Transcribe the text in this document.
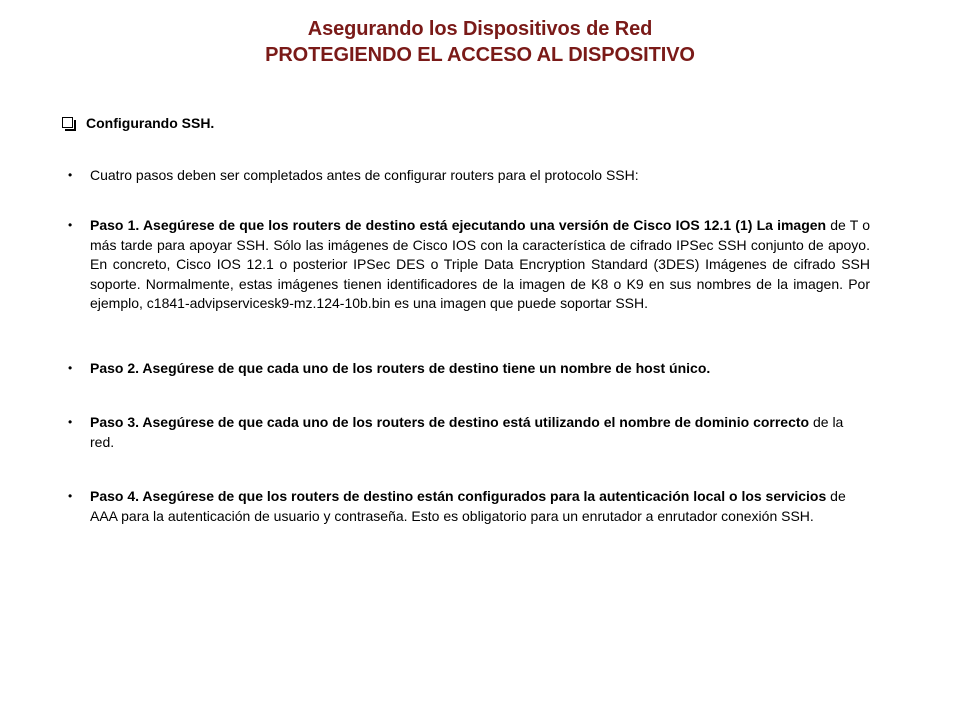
Asegurando los Dispositivos de Red
PROTEGIENDO EL ACCESO AL DISPOSITIVO
Configurando SSH.
• Cuatro pasos deben ser completados antes de configurar routers para el protocolo SSH:
• Paso 1. Asegúrese de que los routers de destino está ejecutando una versión de Cisco IOS 12.1 (1) La imagen de T o más tarde para apoyar SSH. Sólo las imágenes de Cisco IOS con la característica de cifrado IPSec SSH conjunto de apoyo. En concreto, Cisco IOS 12.1 o posterior IPSec DES o Triple Data Encryption Standard (3DES) Imágenes de cifrado SSH soporte. Normalmente, estas imágenes tienen identificadores de la imagen de K8 o K9 en sus nombres de la imagen. Por ejemplo, c1841-advipservicesk9-mz.124-10b.bin es una imagen que puede soportar SSH.
• Paso 2. Asegúrese de que cada uno de los routers de destino tiene un nombre de host único.
• Paso 3. Asegúrese de que cada uno de los routers de destino está utilizando el nombre de dominio correcto de la red.
• Paso 4. Asegúrese de que los routers de destino están configurados para la autenticación local o los servicios de AAA para la autenticación de usuario y contraseña. Esto es obligatorio para un enrutador a enrutador conexión SSH.
